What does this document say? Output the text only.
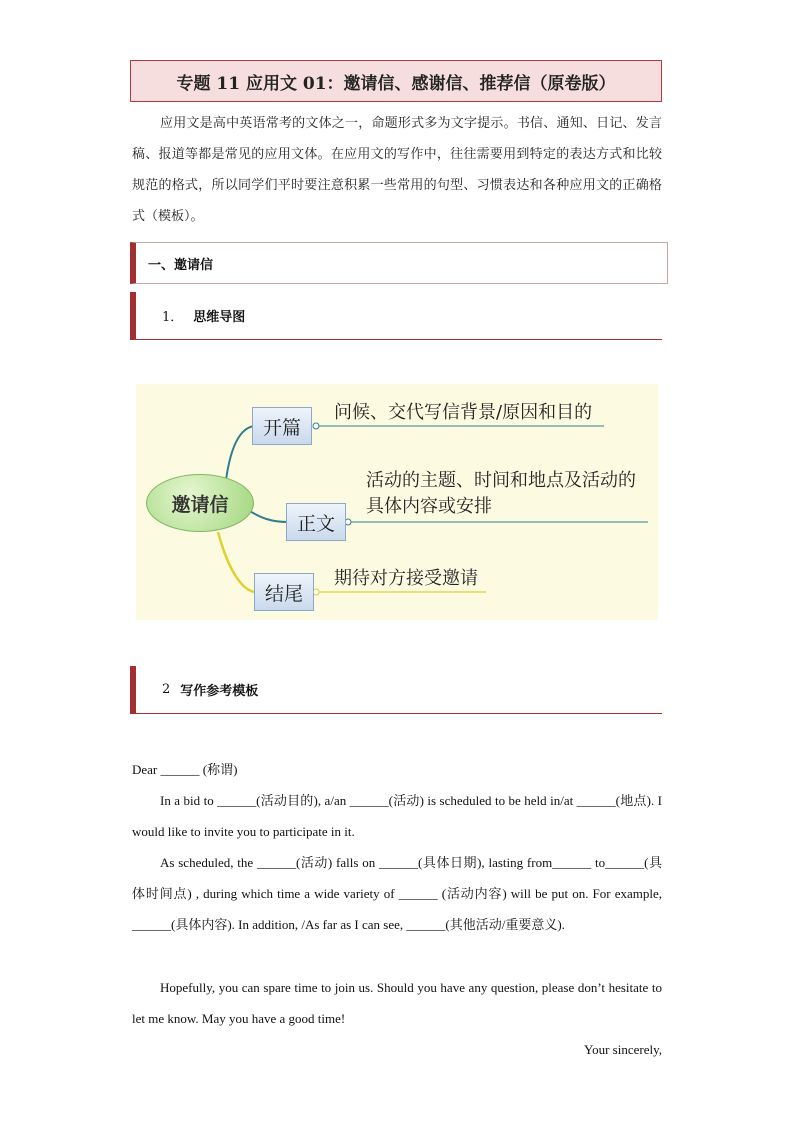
专题 11 应用文 01：邀请信、感谢信、推荐信（原卷版）

应用文是高中英语常考的文体之一，命题形式多为文字提示。书信、通知、日记、发言稿、报道等都是常见的应用文体。在应用文的写作中，往往需要用到特定的表达方式和比较规范的格式，所以同学们平时要注意积累一些常用的句型、习惯表达和各种应用文的正确格式（模板）。

一、邀请信
1． 思维导图
邀请信
开篇
正文
结尾
问候、交代写信背景/原因和目的
活动的主题、时间和地点及活动的
具体内容或安排
期待对方接受邀请
2 写作参考模板

Dear ______ (称谓)

In a bid to ______(活动目的), a/an ______(活动) is scheduled to be held in/at ______(地点). I would like to invite you to participate in it.

As scheduled, the ______(活动) falls on ______(具体日期), lasting from______ to______(具体时间点) , during which time a wide variety of ______ (活动内容) will be put on. For example, ______(具体内容). In addition, /As far as I can see, ______(其他活动/重要意义).

Hopefully, you can spare time to join us. Should you have any question, please don’t hesitate to let me know. May you have a good time!

Your sincerely,
